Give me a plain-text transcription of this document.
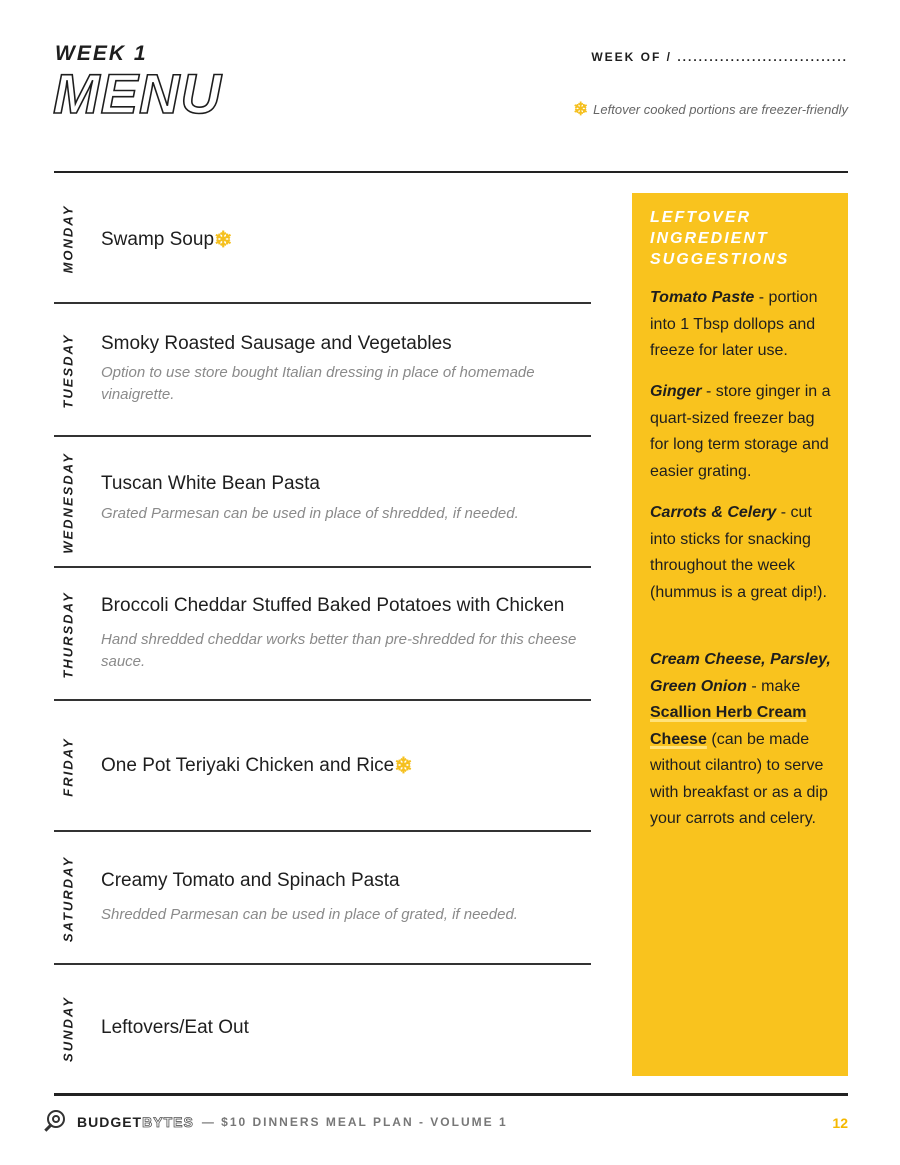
WEEK 1
MENU
WEEK OF / ................................
❄ Leftover cooked portions are freezer-friendly
MONDAY Swamp Soup❄
TUESDAY Smoky Roasted Sausage and Vegetables
Option to use store bought Italian dressing in place of homemade vinaigrette.
WEDNESDAY Tuscan White Bean Pasta
Grated Parmesan can be used in place of shredded, if needed.
THURSDAY Broccoli Cheddar Stuffed Baked Potatoes with Chicken
Hand shredded cheddar works better than pre-shredded for this cheese sauce.
FRIDAY One Pot Teriyaki Chicken and Rice❄
SATURDAY Creamy Tomato and Spinach Pasta
Shredded Parmesan can be used in place of grated, if needed.
SUNDAY Leftovers/Eat Out
LEFTOVER INGREDIENT SUGGESTIONS
Tomato Paste - portion into 1 Tbsp dollops and freeze for later use.
Ginger - store ginger in a quart-sized freezer bag for long term storage and easier grating.
Carrots & Celery - cut into sticks for snacking throughout the week (hummus is a great dip!).
Cream Cheese, Parsley, Green Onion - make Scallion Herb Cream Cheese (can be made without cilantro) to serve with breakfast or as a dip your carrots and celery.
BUDGET BYTES — $10 DINNERS MEAL PLAN - VOLUME 1	12
